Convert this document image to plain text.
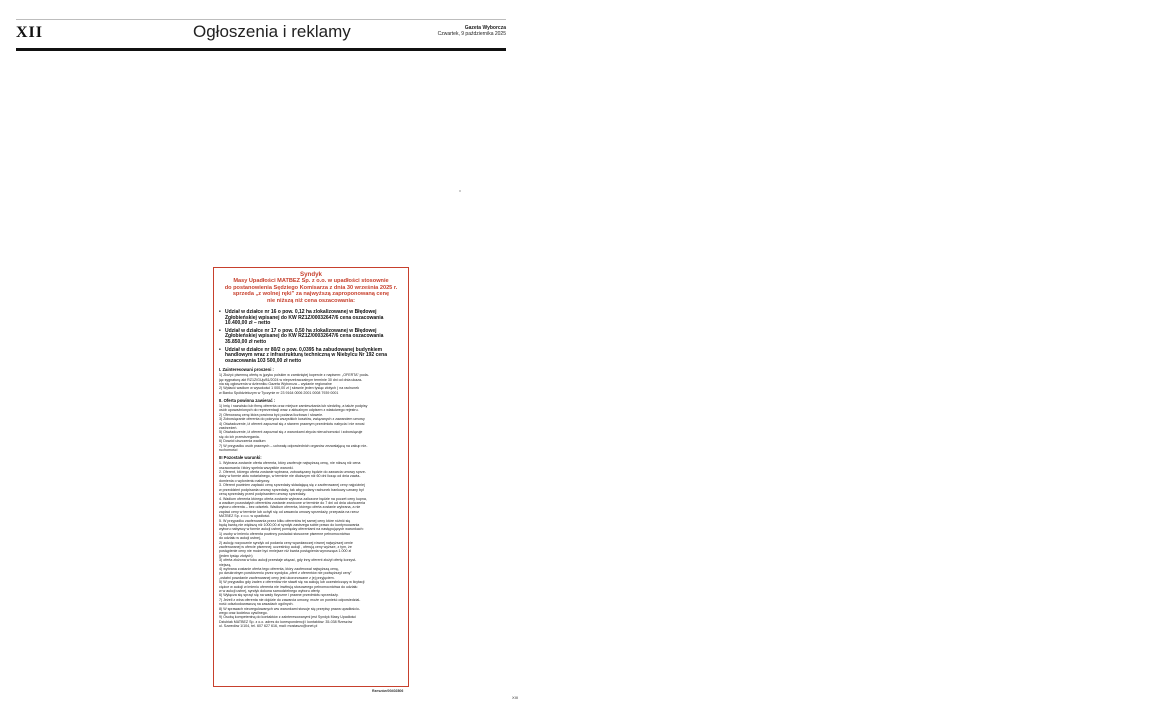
XII	Ogłoszenia i reklamy	Gazeta Wyborcza
Czwartek, 9 października 2025
Syndyk
Masy Upadłości MATBEZ Sp. z o.o. w upadłości stosownie
do postanowienia Sędziego Komisarza z dnia 30 września 2025 r.
sprzeda „z wolnej ręki” za najwyższą zaproponowaną cenę
nie niższą niż cena oszacowania:
• Udział w działce nr 16 o pow. 0,12 ha zlokalizowanej w Błędowej Zgłobieńskiej wpisanej do KW RZ1Z/00032647/6 cena oszacowania 10.400,00 zł – netto
• Udział w działce nr 17 o pow. 0,50 ha zlokalizowanej w Błędowej Zgłobieńskiej wpisanej do KW RZ1Z/00032647/6 cena oszacowania 35.850,00 zł netto
• Udział w działce nr 80/2 o pow. 0,0395 ha zabudowanej budynkiem handlowym wraz z infrastrukturą techniczną w Niebylcu Nr 192 cena oszacowania 103 500,00 zł netto
I. Zainteresowani proszeni :
1) Złożyć pisemną ofertę w języku polskim w zamkniętej kopercie z napisem: „OFERTA” poda-
jąc sygnaturę akt RZ1Z/GUp/81/2024 w nieprzekraczalnym terminie 30 dni od dnia ukaza-
nia się ogłoszenia w dzienniku Gazeta Wyborcza – wydanie regionalne
2) Wpłacić wadium w wysokości 1 000,00 zł ( słownie jeden tysiąc złotych ) na rachunek
w Banku Spółdzielczym w Tyczynie nr 23 9164 0006 2001 0008 7939 0001
II. Oferta powinna zawierać :
1) Imię i nazwisko lub firmę oferenta oraz miejsce zamieszkania lub siedzibę, a także podpisy
osób upoważnionych do reprezentacji wraz z aktualnym odpisem z właściwego rejestru.
2) Oferowaną cenę która powinna być podana liczbowo i słownie.
3) Zobowiązanie oferenta do pokrycia wszystkich kosztów, związanych z zawarciem umowy
4) Oświadczenie, iż oferent zapoznał się z stanem prawnym przedmiotu nabycia i nie wnosi
zastrzeżeń.
5) Oświadczenie, iż oferent zapoznał się z warunkami zbycia nieruchomości i zobowiązuje
się do ich przestrzegania.
6) Dowód uiszczenia wadium
7) W przypadku osób prawnych – uchwałę odpowiednich organów zezwalającą na zakup nie-
ruchomości
III Pozostałe warunki:
1. Wybrana zostanie oferta oferenta, który zaoferuje najwyższą cenę, nie niższą niż cena
oszacowania i który spełnia wszystkie warunki.
2. Oferent, którego oferta zostanie wybrana, zobowiązany będzie do zawarcia umowy sprze-
daży w formie aktu notarialnego, w terminie nie dłuższym niż 60 dni licząc od dnia zawia-
domienia o wyłonieniu nabywcy.
3. Oferent powinien zapłacić cenę sprzedaży składającą się z zaoferowanej ceny najpóźniej
w przeddzień podpisania umowy sprzedaży, tak aby podany rachunek bankowy uznany był
ceną sprzedaży przed podpisaniem umowy sprzedaży.
4. Wadium oferenta którego oferta zostanie wybrana zaliczone będzie na poczet ceny kupna,
a wadium pozostałych oferentów zostanie zwrócone w terminie do 7 dni od dnia ukończenia
wyboru oferenta – bez odsetek. Wadium oferenta, którego oferta zostanie wybrana, a nie
zapłaci ceny w terminie lub uchyli się od zawarcia umowy sprzedaży, przepada na rzecz
MATBEZ Sp. z o.o. w upadłości.
5. W przypadku zaoferowania przez kilku oferentów tej samej ceny które różnić się
będą kwotą nie większą niż 1000,00 zł syndyk zastrzega sobie prawo do kontynuowania
wyboru nabywcy w formie aukcji ustnej pomiędzy oferentami na następujących warunkach:
1) osoby w imieniu oferenta powinny posiadać stosowne pisemne pełnomocnictwo
do udziału w aukcji ustnej,
2) aukcję rozpocznie syndyk od podania ceny wywoławczej równej najwyższej cenie
zaoferowanej w ofercie pisemnej; uczestnicy aukcji , oferują ceny wyższe, z tym, że
postąpienie ceny nie może być mniejsze niż kwota postąpienia wynosząca 1.000 zł
(jeden tysiąc złotych)
3) oferta złożona w toku aukcji przestaje wiązać, gdy inny oferent złożył ofertę korzyst-
niejszą,
4) wybrana zostanie oferta tego oferenta, który zaoferował najwyższą cenę,
po dwukrotnym powtórzeniu przez syndyka „ofert z oferentów nie podwyższył ceny”
„ostatni powołanie zaoferowanej ceny jest ukoronowane z jej przyjęciem.
5) W przypadku gdy żaden z oferentów nie stawił się na aukcję lub uczestniczący w licytacji
ciężce w aukcji w imieniu oferenta nie inwitrują stosownego pełnomocnictwa do udziału
w w aukcji ustnej, syndyk dokona samodzielnego wyboru oferty.
6) Wyłącza się sprzęt się na wady fizyczne i prawne przedmiotu sprzedaży.
7) Jeżeli z wina oferenta nie dojdzie do zawarcia umowy, może on ponieść odpowiedzial-
ność odszkodowawczą na zasadach ogólnych.
8) W sprawach nieuregulowanych ww warunkami stosuje się przepisy prawa upadłościo-
wego oraz kodeksu cywilnego.
9) Osobą kompetentną do kontaktów z zainteresowanymi jest Syndyk Masy Upadłości
Dziubiak MATBEZ Sp. z o.o. adres do korespondencji i kontaktów: 35-038 Rzeszów
ul. Szwedów 1/104, tel. 607 627 616, mail: mostaszo@onet.pl
Rzeszów/00402806
XIII
